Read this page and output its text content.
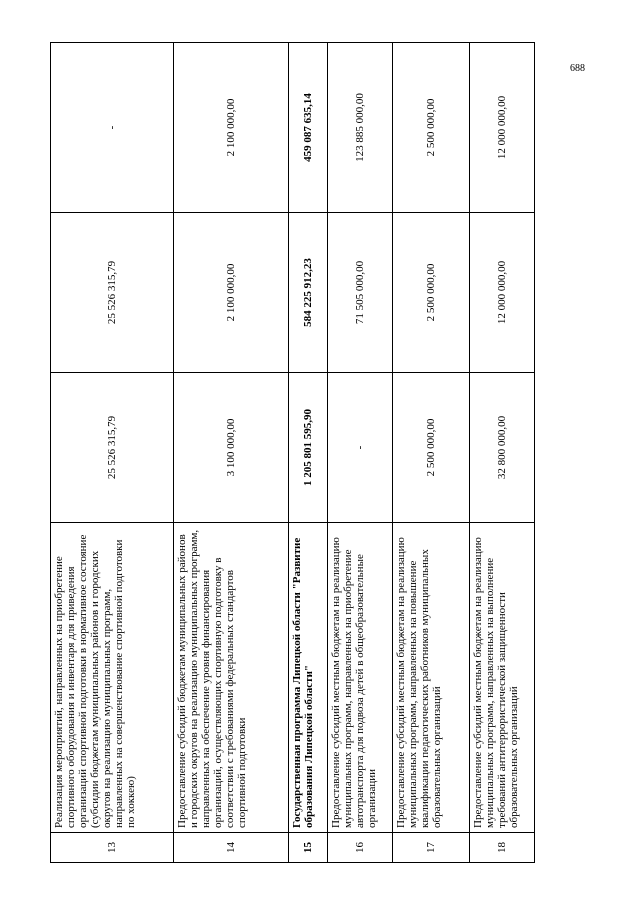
13	Реализация мероприятий, направленных на приобретение спортивного оборудования и инвентаря для приведения организаций спортивной подготовки в нормативное состояние (субсидии бюджетам муниципальных районов и городских округов на реализацию муниципальных программ, направленных на совершенствование спортивной подготовки по хоккею)	25 526 315,79	25 526 315,79	-
14	Предоставление субсидий бюджетам муниципальных районов и городских округов на реализацию муниципальных программ, направленных на обеспечение уровня финансирования организаций, осуществляющих спортивную подготовку в соответствии с требованиями федеральных стандартов спортивной подготовки	3 100 000,00	2 100 000,00	2 100 000,00
15	Государственная программа Липецкой области "Развитие образования Липецкой области"	1 205 801 595,90	584 225 912,23	459 087 635,14
16	Предоставление субсидий местным бюджетам на реализацию муниципальных программ, направленных на приобретение автотранспорта для подвоза детей в общеобразовательные организации	-	71 505 000,00	123 885 000,00
17	Предоставление субсидий местным бюджетам на реализацию муниципальных программ, направленных на повышение квалификации педагогических работников муниципальных образовательных организаций	2 500 000,00	2 500 000,00	2 500 000,00
18	Предоставление субсидий местным бюджетам на реализацию муниципальных программ, направленных на выполнение требований антитеррористической защищенности образовательных организаций	32 800 000,00	12 000 000,00	12 000 000,00
688
